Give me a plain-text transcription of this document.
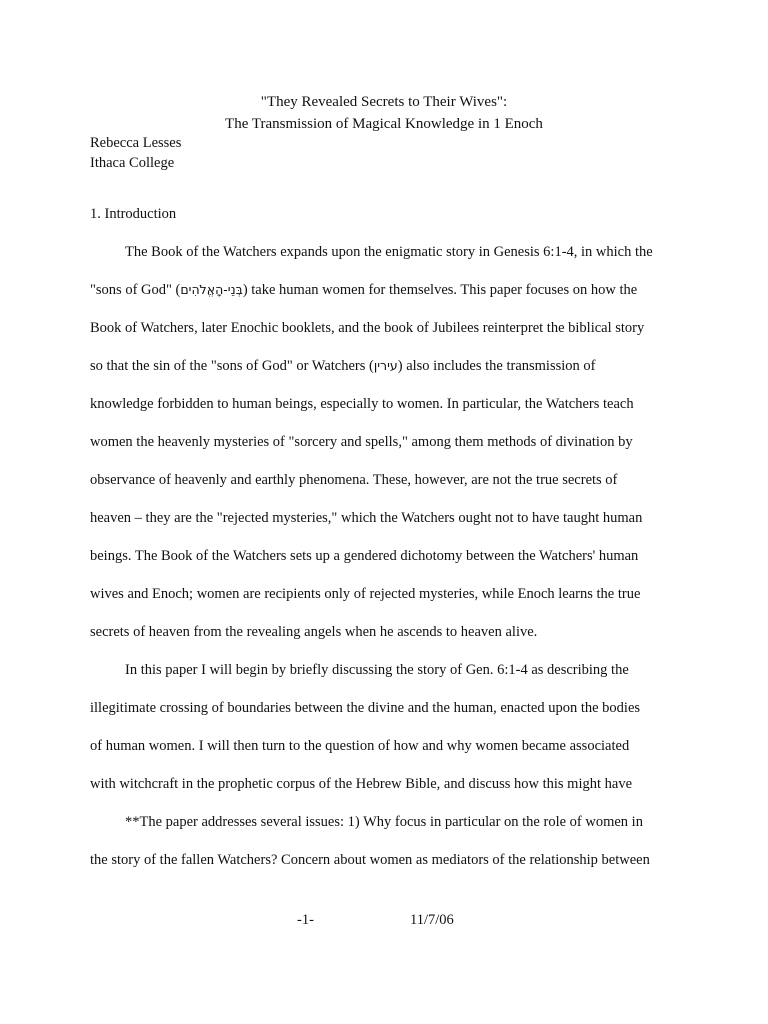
"They Revealed Secrets to Their Wives":
The Transmission of Magical Knowledge in 1 Enoch
Rebecca Lesses
Ithaca College
1. Introduction
The Book of the Watchers expands upon the enigmatic story in Genesis 6:1-4, in which the
"sons of God" (בְּנֵי-הָאֱלֹהִים) take human women for themselves. This paper focuses on how the
Book of Watchers, later Enochic booklets, and the book of Jubilees reinterpret the biblical story
so that the sin of the "sons of God" or Watchers (עירין) also includes the transmission of
knowledge forbidden to human beings, especially to women. In particular, the Watchers teach
women the heavenly mysteries of "sorcery and spells," among them methods of divination by
observance of heavenly and earthly phenomena. These, however, are not the true secrets of
heaven – they are the "rejected mysteries," which the Watchers ought not to have taught human
beings. The Book of the Watchers sets up a gendered dichotomy between the Watchers' human
wives and Enoch; women are recipients only of rejected mysteries, while Enoch learns the true
secrets of heaven from the revealing angels when he ascends to heaven alive.
In this paper I will begin by briefly discussing the story of Gen. 6:1-4 as describing the
illegitimate crossing of boundaries between the divine and the human, enacted upon the bodies
of human women. I will then turn to the question of how and why women became associated
with witchcraft in the prophetic corpus of the Hebrew Bible, and discuss how this might have
**The paper addresses several issues: 1) Why focus in particular on the role of women in
the story of the fallen Watchers? Concern about women as mediators of the relationship between
-1-	11/7/06
